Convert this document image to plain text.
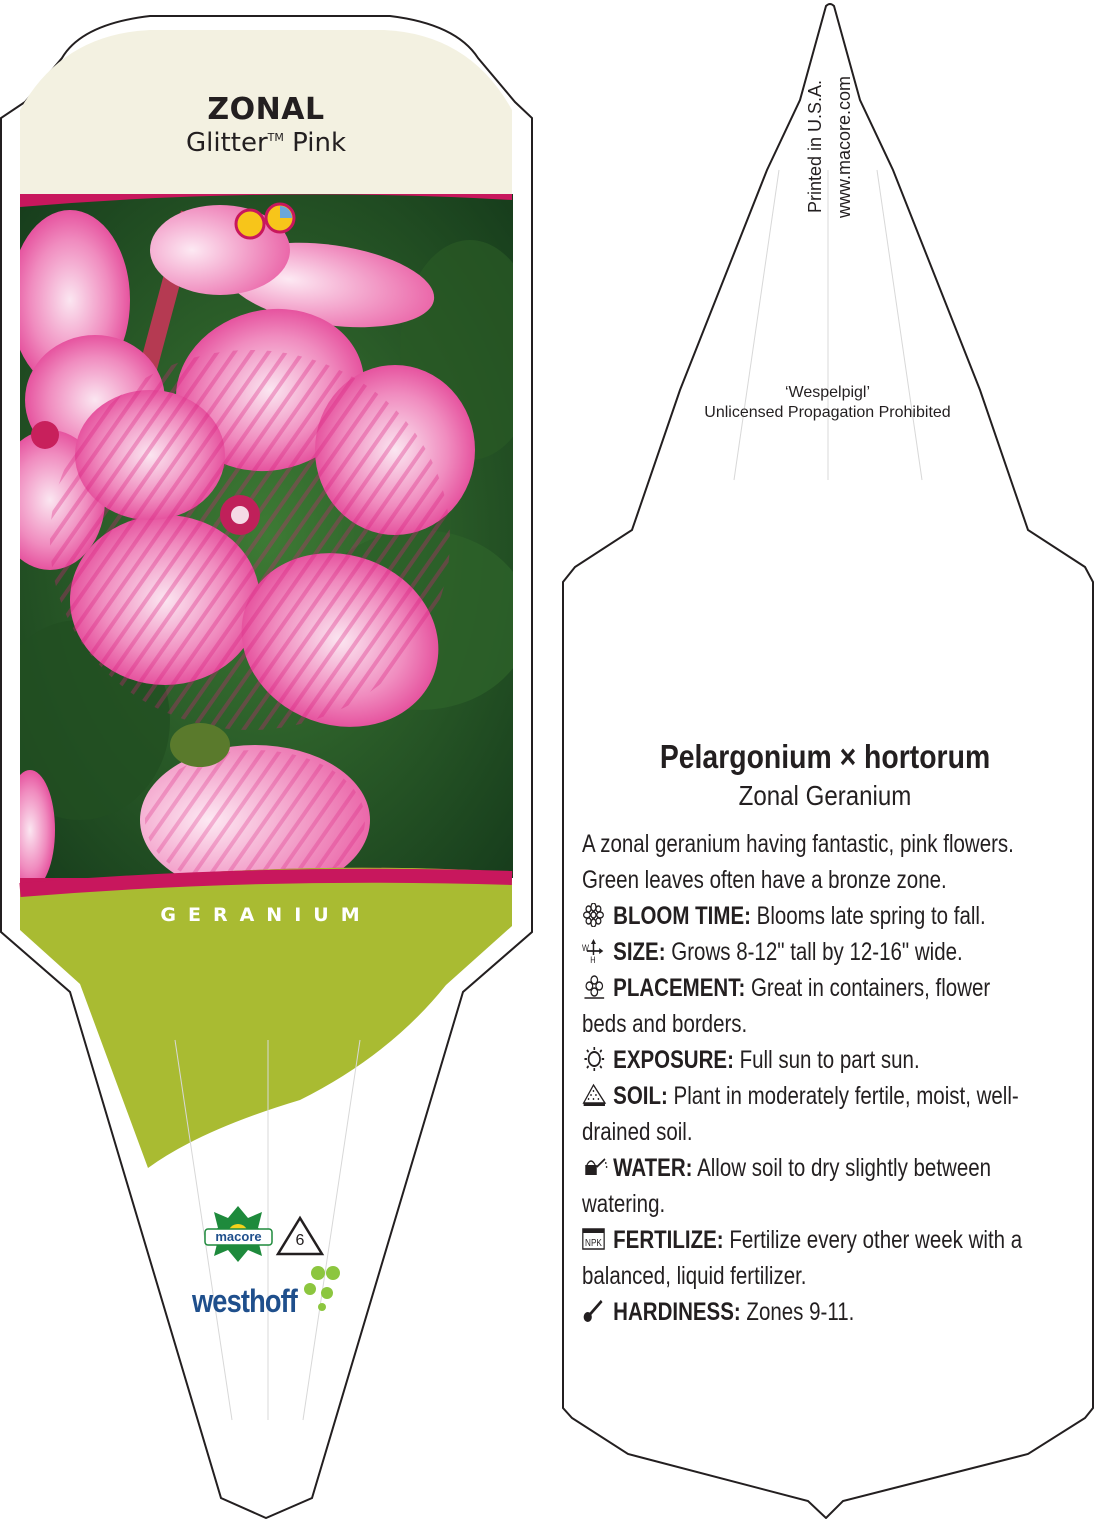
ZONAL
Glitter™ Pink
GERANIUM
macore	6
westhoff
Printed in U.S.A. www.macore.com
‘Wespelpigl’
Unlicensed Propagation Prohibited
Pelargonium × hortorum
Zonal Geranium

A zonal geranium having fantastic, pink flowers. Green leaves often have a bronze zone.

BLOOM TIME: Blooms late spring to fall.

W
H SIZE: Grows 8-12" tall by 12-16" wide.

PLACEMENT: Great in containers, flower beds and borders.

EXPOSURE: Full sun to part sun.

SOIL: Plant in moderately fertile, moist, well-drained soil.

WATER: Allow soil to dry slightly between watering.

NPK FERTILIZE: Fertilize every other week with a balanced, liquid fertilizer.

HARDINESS: Zones 9-11.
